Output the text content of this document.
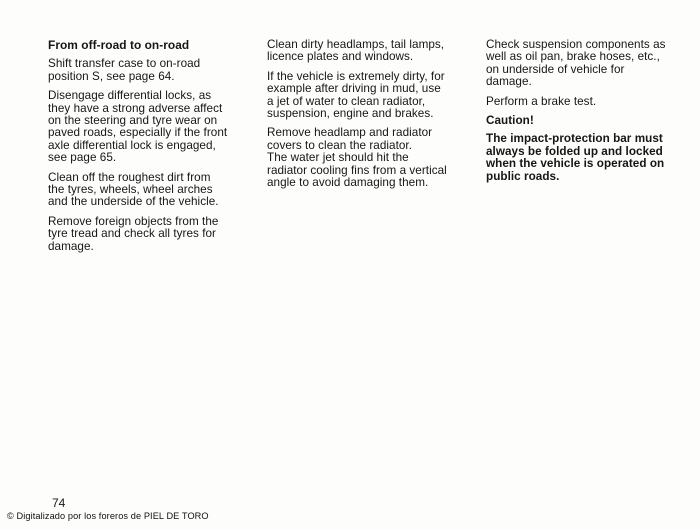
From off-road to on-road
Shift transfer case to on-road
position S, see page 64.
Disengage differential locks, as
they have a strong adverse affect
on the steering and tyre wear on
paved roads, especially if the front
axle differential lock is engaged,
see page 65.
Clean off the roughest dirt from
the tyres, wheels, wheel arches
and the underside of the vehicle.
Remove foreign objects from the
tyre tread and check all tyres for
damage.
Clean dirty headlamps, tail lamps,
licence plates and windows.
If the vehicle is extremely dirty, for
example after driving in mud, use
a jet of water to clean radiator,
suspension, engine and brakes.
Remove headlamp and radiator
covers to clean the radiator.
The water jet should hit the
radiator cooling fins from a vertical
angle to avoid damaging them.
Check suspension components as
well as oil pan, brake hoses, etc.,
on underside of vehicle for
damage.
Perform a brake test.
Caution!
The impact-protection bar must
always be folded up and locked
when the vehicle is operated on
public roads.
74
© Digitalizado por los foreros de PIEL DE TORO
